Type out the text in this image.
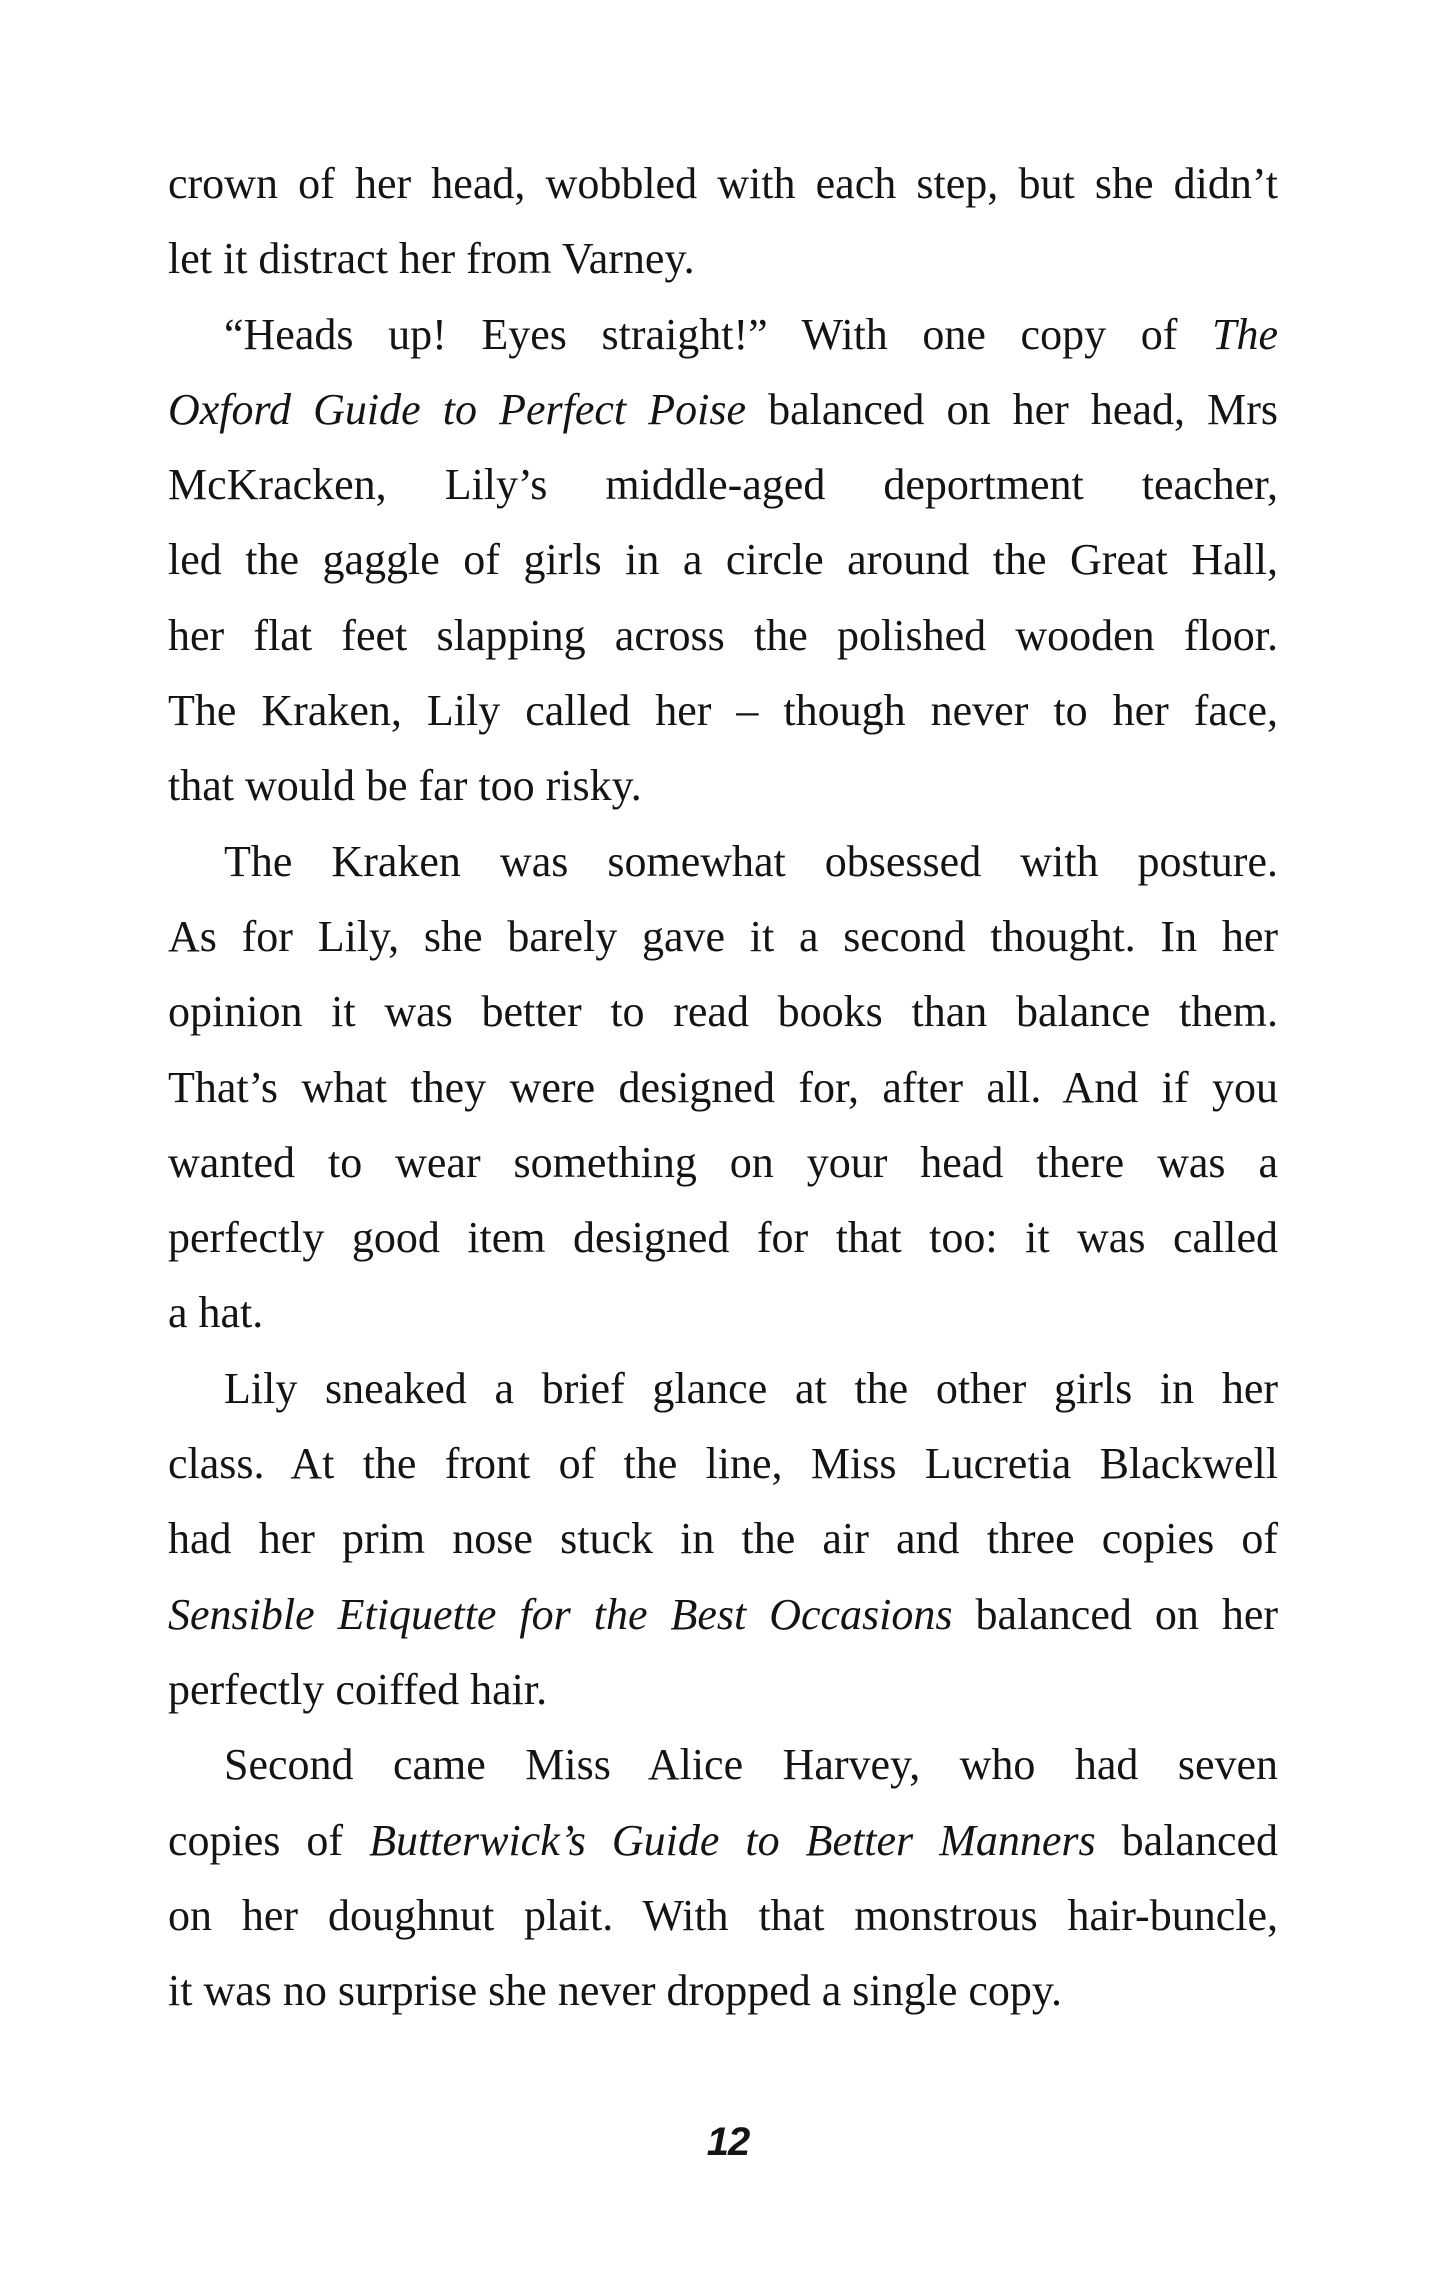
crown of her head, wobbled with each step, but she didn’t
let it distract her from Varney.
“Heads up! Eyes straight!” With one copy of The
Oxford Guide to Perfect Poise balanced on her head, Mrs
McKracken, Lily’s middle-aged deportment teacher,
led the gaggle of girls in a circle around the Great Hall,
her flat feet slapping across the polished wooden floor.
The Kraken, Lily called her – though never to her face,
that would be far too risky.
The Kraken was somewhat obsessed with posture.
As for Lily, she barely gave it a second thought. In her
opinion it was better to read books than balance them.
That’s what they were designed for, after all. And if you
wanted to wear something on your head there was a
perfectly good item designed for that too: it was called
a hat.
Lily sneaked a brief glance at the other girls in her
class. At the front of the line, Miss Lucretia Blackwell
had her prim nose stuck in the air and three copies of
Sensible Etiquette for the Best Occasions balanced on her
perfectly coiffed hair.
Second came Miss Alice Harvey, who had seven
copies of Butterwick’s Guide to Better Manners balanced
on her doughnut plait. With that monstrous hair-buncle,
it was no surprise she never dropped a single copy.
12
